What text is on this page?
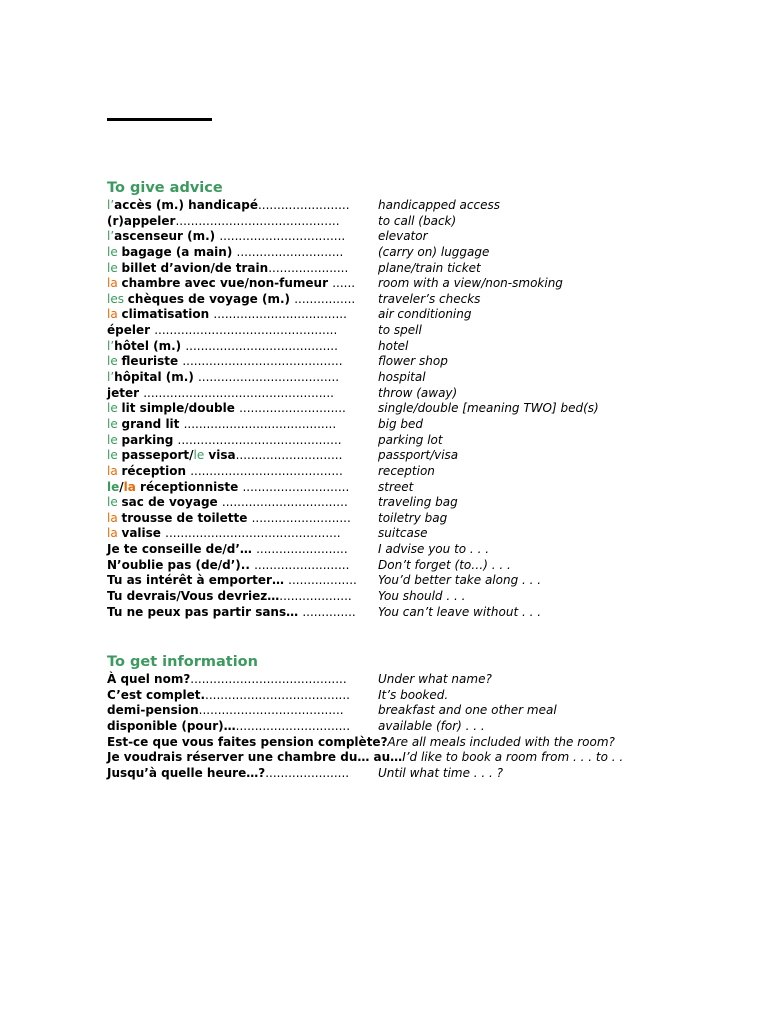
To give advice
l’accès (m.) handicapé........................ handicapped access
(r)appeler...........................................	to call (back)
l’ascenseur (m.) .................................	elevator
le bagage (a main) ............................	(carry on) luggage
le billet d’avion/de train..................... plane/train ticket
la chambre avec vue/non-fumeur ...... room with a view/non-smoking
les chèques de voyage (m.) ................ traveler’s checks
la climatisation ...................................	air conditioning
épeler ................................................	to spell
l’hôtel (m.) ........................................	hotel
le fleuriste ..........................................	flower shop
l’hôpital (m.) .....................................	hospital
jeter ..................................................	throw (away)
le lit simple/double ............................	single/double [meaning TWO] bed(s)
le grand lit ........................................	big bed
le parking ...........................................	parking lot
le passeport/le visa............................	passport/visa
la réception ........................................	reception
le/la réceptionniste ............................ street
le sac de voyage .................................	traveling bag
la trousse de toilette .......................... toiletry bag
la valise ..............................................	suitcase
Je te conseille de/d’… ........................	I advise you to . . .
N’oublie pas (de/d’).. ......................... Don’t forget (to…) . . .
Tu as intérêt à emporter… .................. You’d better take along . . .
Tu devrais/Vous devriez…................... You should . . .
Tu ne peux pas partir sans… .............. You can’t leave without . . .
To get information
À quel nom?.........................................	Under what name?
C’est complet....................................... It’s booked.
demi-pension......................................	breakfast and one other meal
disponible (pour)….............................. available (for) . . .
Est-ce que vous faites pension complète?Are all meals included with the room?
Je voudrais réserver une chambre du… au…I’d like to book a room from . . . to . .
Jusqu’à quelle heure…?...................... Until what time . . . ?
